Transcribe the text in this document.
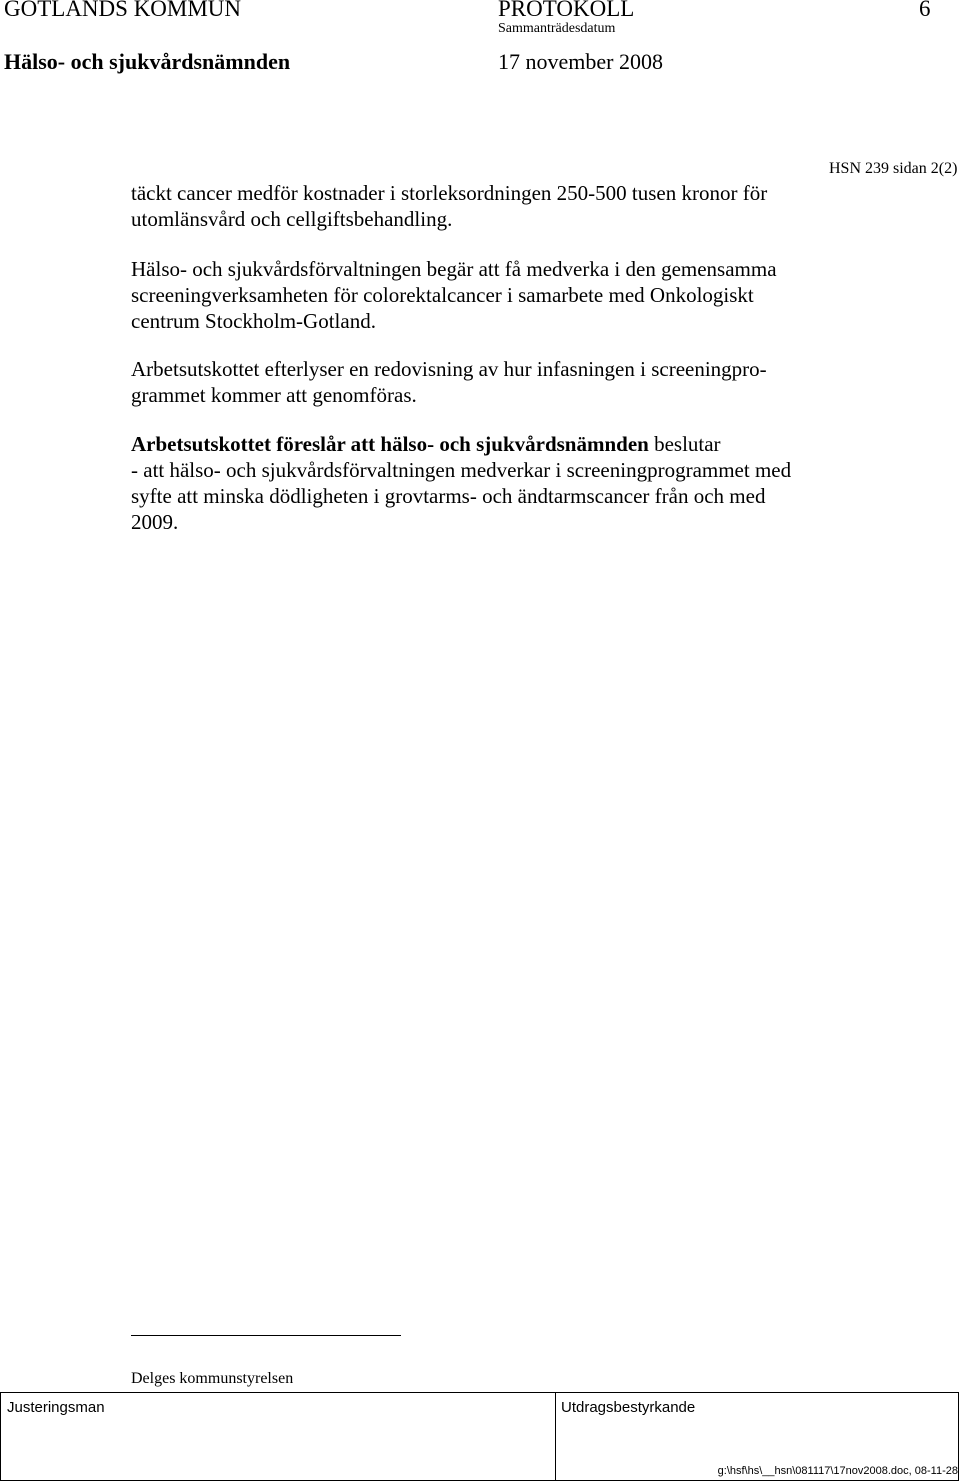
GOTLANDS KOMMUN	PROTOKOLL	6
Sammanträdesdatum
Hälso- och sjukvårdsnämnden	17 november 2008
HSN 239 sidan 2(2)
täckt cancer medför kostnader i storleksordningen 250-500 tusen kronor för
utomlänsvård och cellgiftsbehandling.
Hälso- och sjukvårdsförvaltningen begär att få medverka i den gemensamma
screeningverksamheten för colorektalcancer i samarbete med Onkologiskt
centrum Stockholm-Gotland.
Arbetsutskottet efterlyser en redovisning av hur infasningen i screeningpro-
grammet kommer att genomföras.
Arbetsutskottet föreslår att hälso- och sjukvårdsnämnden beslutar
- att hälso- och sjukvårdsförvaltningen medverkar i screeningprogrammet med
syfte att minska dödligheten i grovtarms- och ändtarmscancer från och med
2009.
Delges kommunstyrelsen
Justeringsman	Utdragsbestyrkande
g:\hsf\hs\__hsn\081117\17nov2008.doc, 08-11-28
